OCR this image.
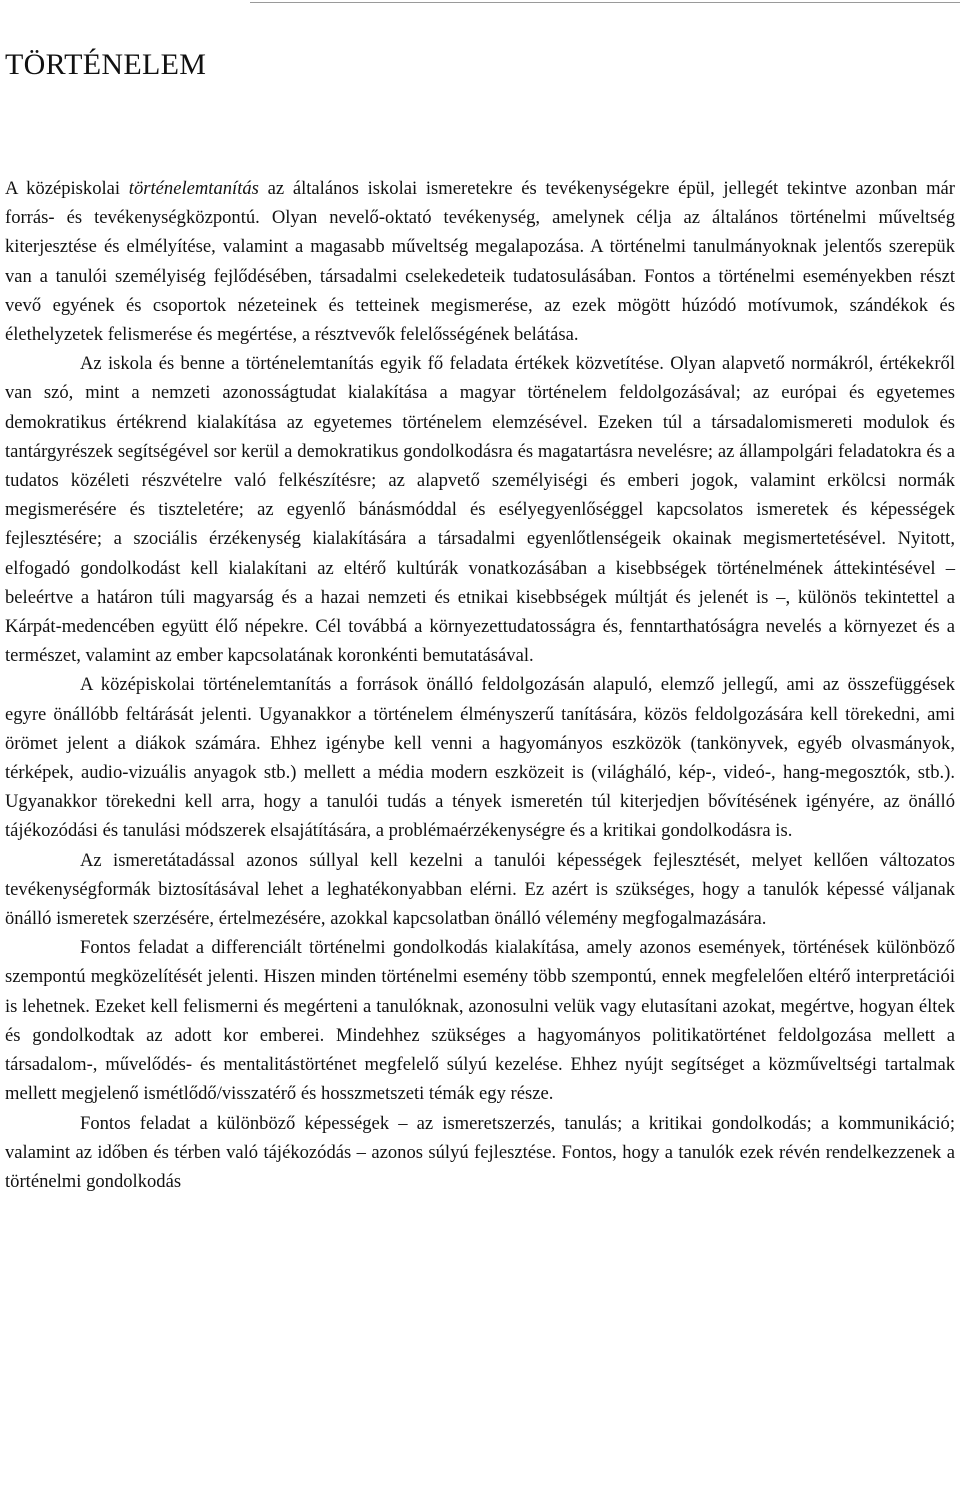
TÖRTÉNELEM

A középiskolai történelemtanítás az általános iskolai ismeretekre és tevékenységekre épül, jellegét tekintve azonban már forrás- és tevékenységközpontú. Olyan nevelő-oktató tevékenység, amelynek célja az általános történelmi műveltség kiterjesztése és elmélyítése, valamint a magasabb műveltség megalapozása. A történelmi tanulmányoknak jelentős szerepük van a tanulói személyiség fejlődésében, társadalmi cselekedeteik tudatosulásában. Fontos a történelmi eseményekben részt vevő egyének és csoportok nézeteinek és tetteinek megismerése, az ezek mögött húzódó motívumok, szándékok és élethelyzetek felismerése és megértése, a résztvevők felelősségének belátása.

Az iskola és benne a történelemtanítás egyik fő feladata értékek közvetítése. Olyan alapvető normákról, értékekről van szó, mint a nemzeti azonosságtudat kialakítása a magyar történelem feldolgozásával; az európai és egyetemes demokratikus értékrend kialakítása az egyetemes történelem elemzésével. Ezeken túl a társadalomismereti modulok és tantárgyrészek segítségével sor kerül a demokratikus gondolkodásra és magatartásra nevelésre; az állampolgári feladatokra és a tudatos közéleti részvételre való felkészítésre; az alapvető személyiségi és emberi jogok, valamint erkölcsi normák megismerésére és tiszteletére; az egyenlő bánásmóddal és esélyegyenlőséggel kapcsolatos ismeretek és képességek fejlesztésére; a szociális érzékenység kialakítására a társadalmi egyenlőtlenségeik okainak megismertetésével. Nyitott, elfogadó gondolkodást kell kialakítani az eltérő kultúrák vonatkozásában a kisebbségek történelmének áttekintésével – beleértve a határon túli magyarság és a hazai nemzeti és etnikai kisebbségek múltját és jelenét is –, különös tekintettel a Kárpát-medencében együtt élő népekre. Cél továbbá a környezettudatosságra és, fenntarthatóságra nevelés a környezet és a természet, valamint az ember kapcsolatának koronkénti bemutatásával.

A középiskolai történelemtanítás a források önálló feldolgozásán alapuló, elemző jellegű, ami az összefüggések egyre önállóbb feltárását jelenti. Ugyanakkor a történelem élményszerű tanítására, közös feldolgozására kell törekedni, ami örömet jelent a diákok számára. Ehhez igénybe kell venni a hagyományos eszközök (tankönyvek, egyéb olvasmányok, térképek, audio-vizuális anyagok stb.) mellett a média modern eszközeit is (világháló, kép-, videó-, hang-megosztók, stb.). Ugyanakkor törekedni kell arra, hogy a tanulói tudás a tények ismeretén túl kiterjedjen bővítésének igényére, az önálló tájékozódási és tanulási módszerek elsajátítására, a problémaérzékenységre és a kritikai gondolkodásra is.

Az ismeretátadással azonos súllyal kell kezelni a tanulói képességek fejlesztését, melyet kellően változatos tevékenységformák biztosításával lehet a leghatékonyabban elérni. Ez azért is szükséges, hogy a tanulók képessé váljanak önálló ismeretek szerzésére, értelmezésére, azokkal kapcsolatban önálló vélemény megfogalmazására.

Fontos feladat a differenciált történelmi gondolkodás kialakítása, amely azonos események, történések különböző szempontú megközelítését jelenti. Hiszen minden történelmi esemény több szempontú, ennek megfelelően eltérő interpretációi is lehetnek. Ezeket kell felismerni és megérteni a tanulóknak, azonosulni velük vagy elutasítani azokat, megértve, hogyan éltek és gondolkodtak az adott kor emberei. Mindehhez szükséges a hagyományos politikatörténet feldolgozása mellett a társadalom-, művelődés- és mentalitástörténet megfelelő súlyú kezelése. Ehhez nyújt segítséget a közműveltségi tartalmak mellett megjelenő ismétlődő/visszatérő és hosszmetszeti témák egy része.

Fontos feladat a különböző képességek – az ismeretszerzés, tanulás; a kritikai gondolkodás; a kommunikáció; valamint az időben és térben való tájékozódás – azonos súlyú fejlesztése. Fontos, hogy a tanulók ezek révén rendelkezzenek a történelmi gondolkodás
